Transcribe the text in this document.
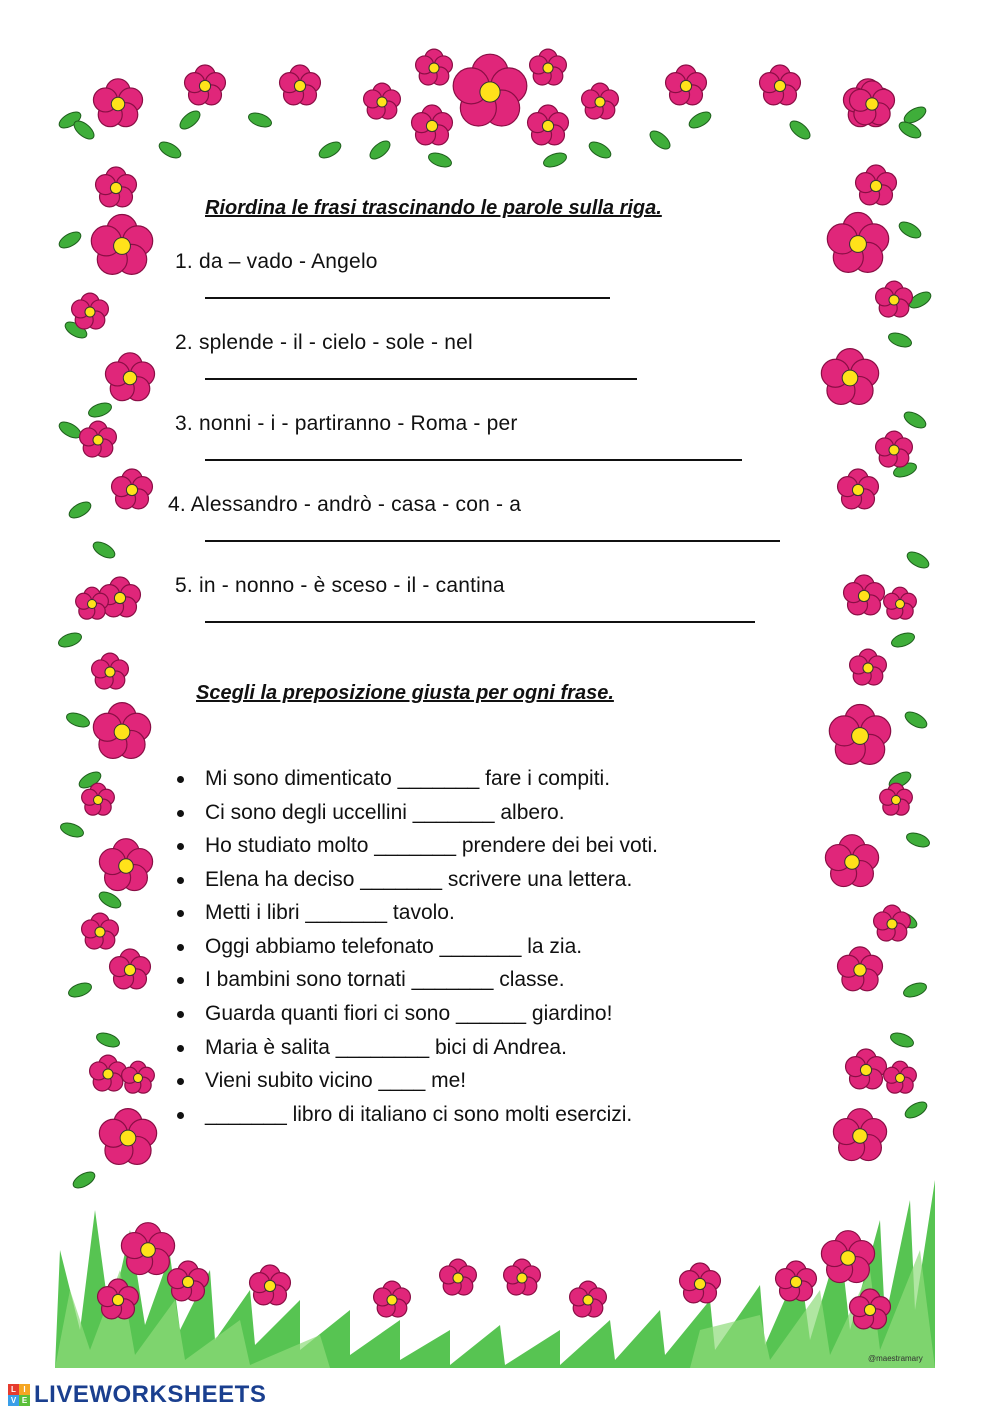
Riordina le frasi trascinando le parole sulla riga.
1. da – vado - Angelo
2. splende - il - cielo - sole - nel
3. nonni - i - partiranno - Roma - per
4. Alessandro - andrò - casa - con - a
5. in - nonno - è sceso - il - cantina
Scegli la preposizione giusta per ogni frase.
Mi sono dimenticato _______ fare i compiti.
Ci sono degli uccellini _______ albero.
Ho studiato molto _______ prendere dei bei voti.
Elena ha deciso _______ scrivere una lettera.
Metti i libri _______ tavolo.
Oggi abbiamo telefonato _______ la zia.
I bambini sono tornati _______ classe.
Guarda quanti fiori ci sono ______ giardino!
Maria è salita ________ bici di Andrea.
Vieni subito vicino ____ me!
_______ libro di italiano ci sono molti esercizi.
@maestramary
L I
V E LIVEWORKSHEETS
